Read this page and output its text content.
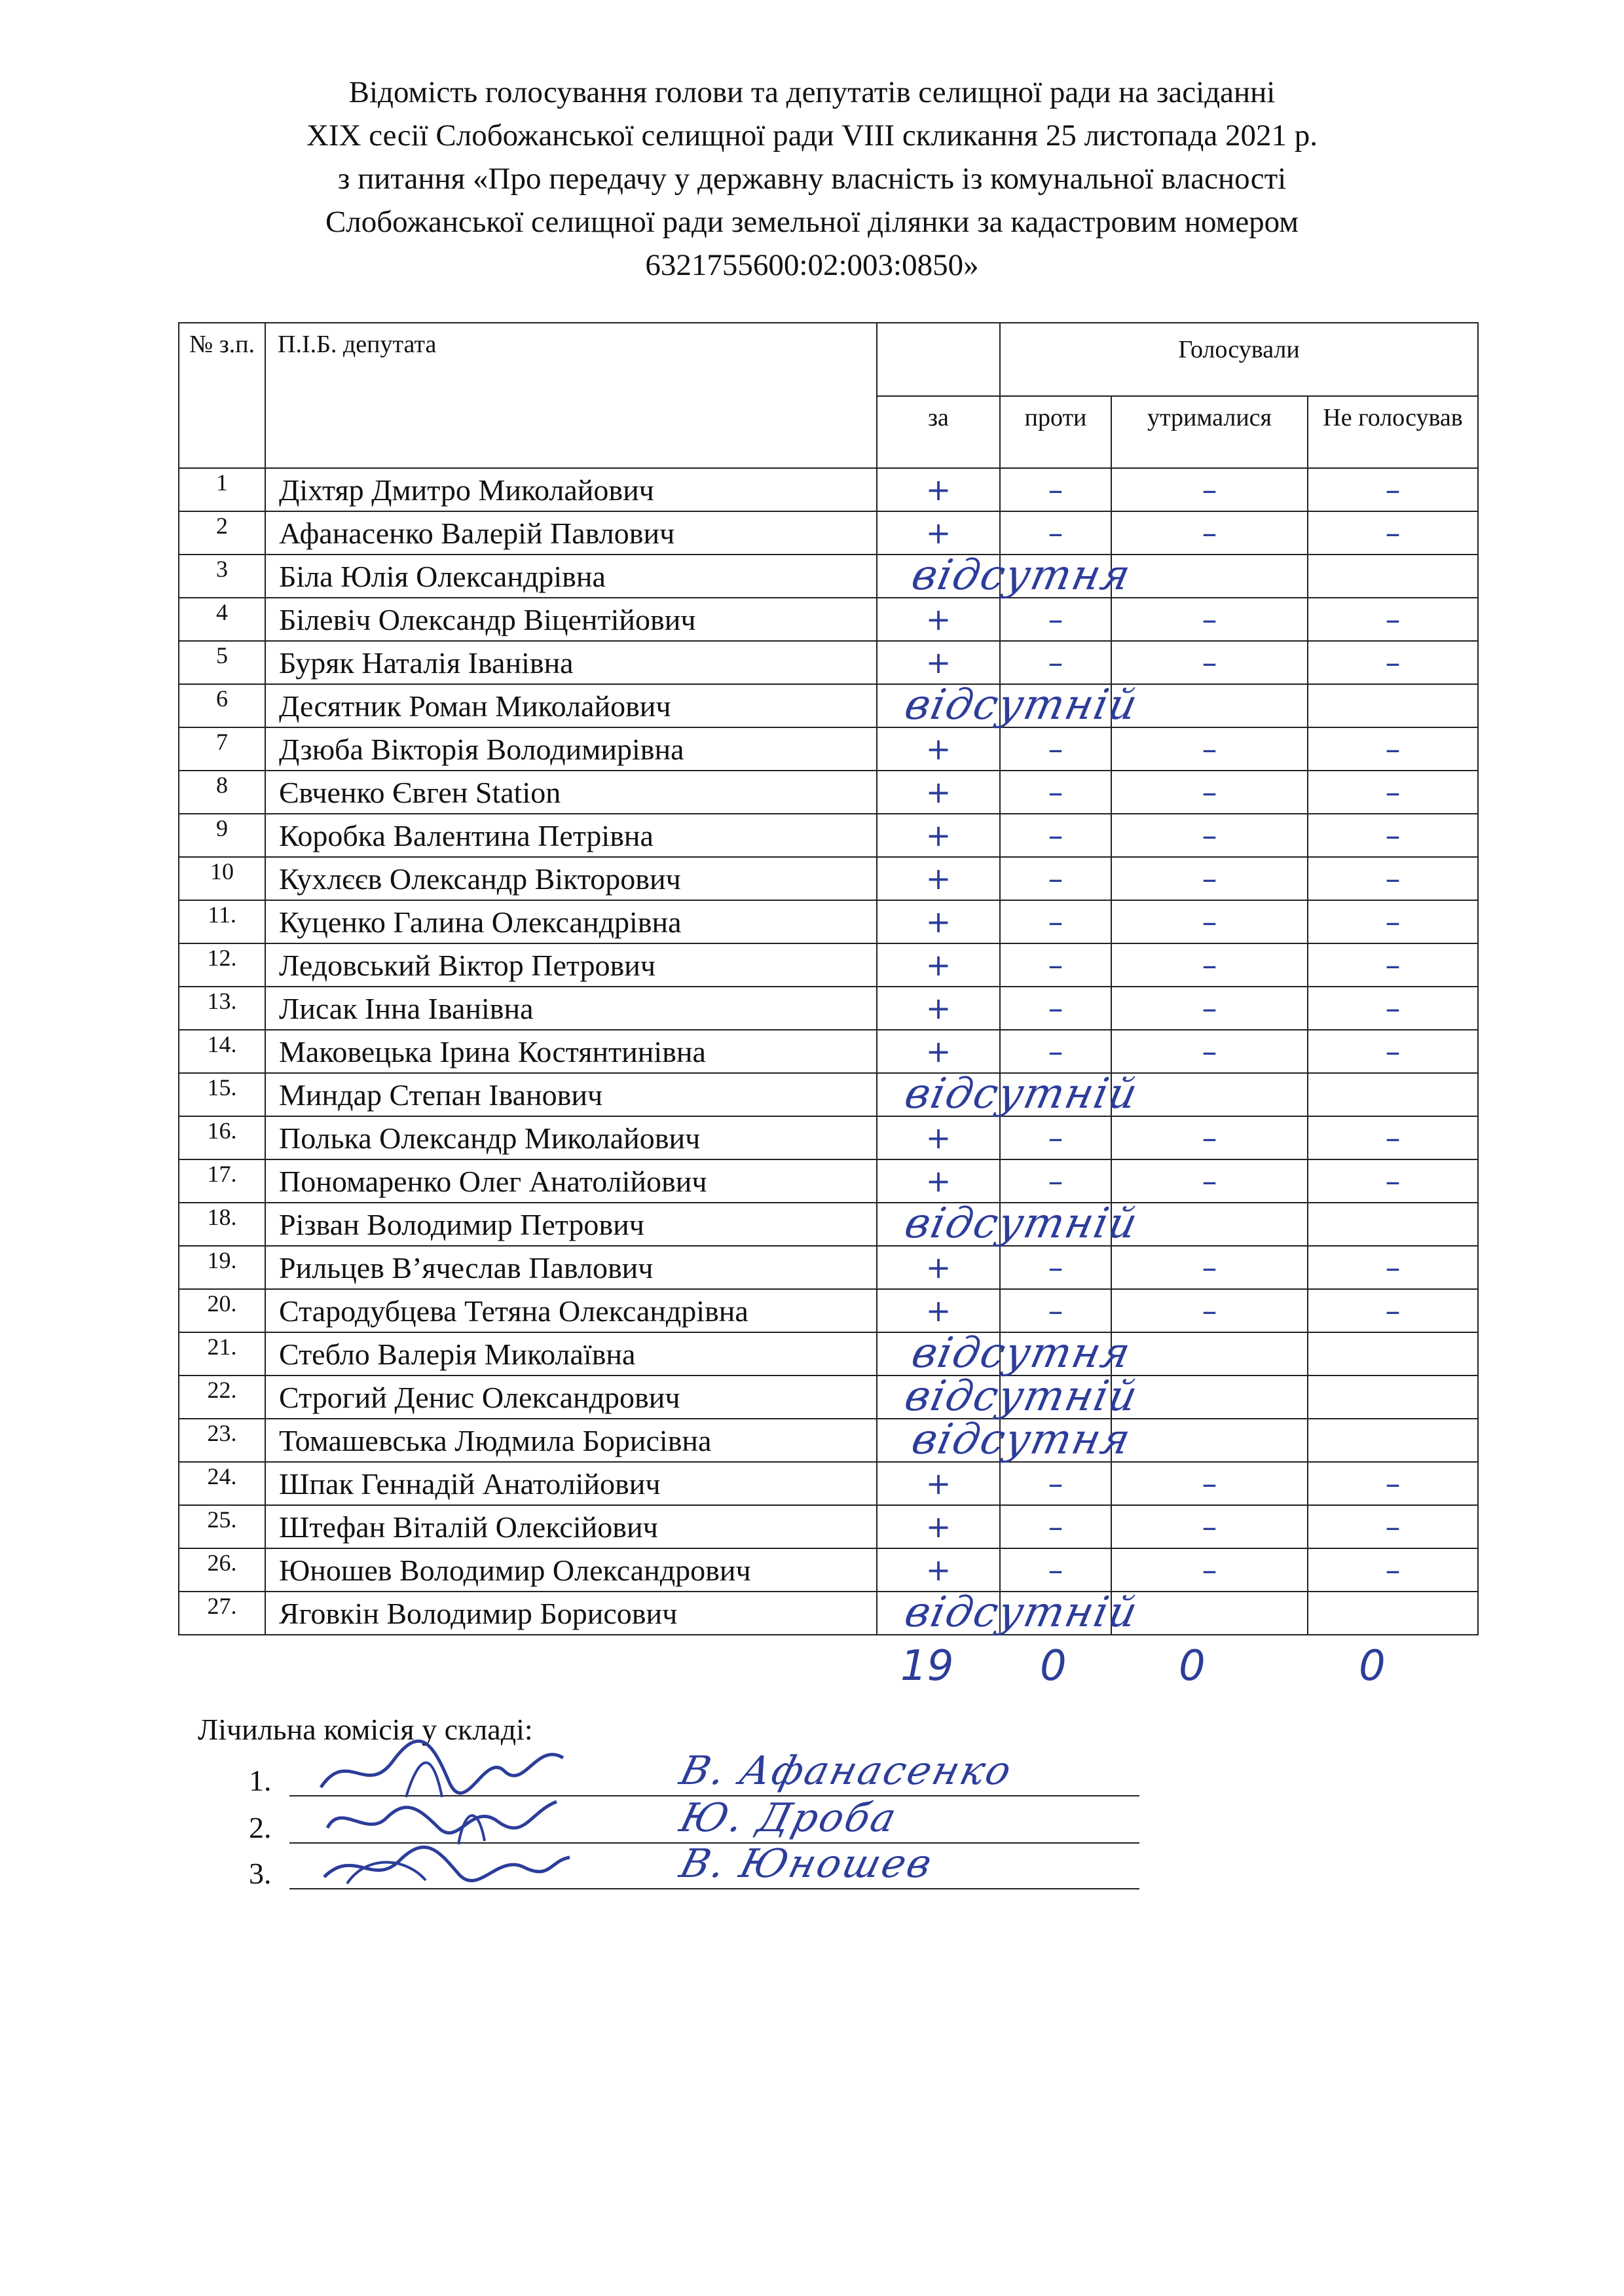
Відомість голосування голови та депутатів селищної ради на засіданні
XIX сесії Слобожанської селищної ради VIII скликання 25 листопада 2021 р.
з питання «Про передачу у державну власність із комунальної власності
Слобожанської селищної ради земельної ділянки за кадастровим номером
6321755600:02:003:0850»
№ з.п.	П.І.Б. депутата		Голосували		
		за	проти	утрималися	Не голосував
1	Діхтяр Дмитро Миколайович	+	–	–	–
2	Афанасенко Валерій Павлович	+	–	–	–
3	Біла Юлія Олександрівна	відсутня			

4	Білевіч Олександр Віцентійович	+	–	–	–
5	Буряк Наталія Іванівна	+	–	–	–
6	Десятник Роман Миколайович	відсутній			

7	Дзюба Вікторія Володимирівна	+	–	–	–
8	Євченко Євген Station	+	–	–	–
9	Коробка Валентина Петрівна	+	–	–	–
10	Кухлєєв Олександр Вікторович	+	–	–	–
11.	Куценко Галина Олександрівна	+	–	–	–
12.	Ледовський Віктор Петрович	+	–	–	–
13.	Лисак Інна Іванівна	+	–	–	–
14.	Маковецька Ірина Костянтинівна	+	–	–	–
15.	Миндар Степан Іванович	відсутній			

16.	Полька Олександр Миколайович	+	–	–	–
17.	Пономаренко Олег Анатолійович	+	–	–	–
18.	Різван Володимир Петрович	відсутній			

19.	Рильцев В’ячеслав Павлович	+	–	–	–
20.	Стародубцева Тетяна Олександрівна	+	–	–	–
21.	Стебло Валерія Миколаївна	відсутня			

22.	Строгий Денис Олександрович	відсутній			

23.	Томашевська Людмила Борисівна	відсутня			

24.	Шпак Геннадій Анатолійович	+	–	–	–
25.	Штефан Віталій Олексійович	+	–	–	–
26.	Юношев Володимир Олександрович	+	–	–	–
27.	Яговкін Володимир Борисович	відсутній			

19 0	0	0
Лічильна комісія у складі:
1.	В. Афанасенко
2.	Ю. Дроба
3.	В. Юношев
